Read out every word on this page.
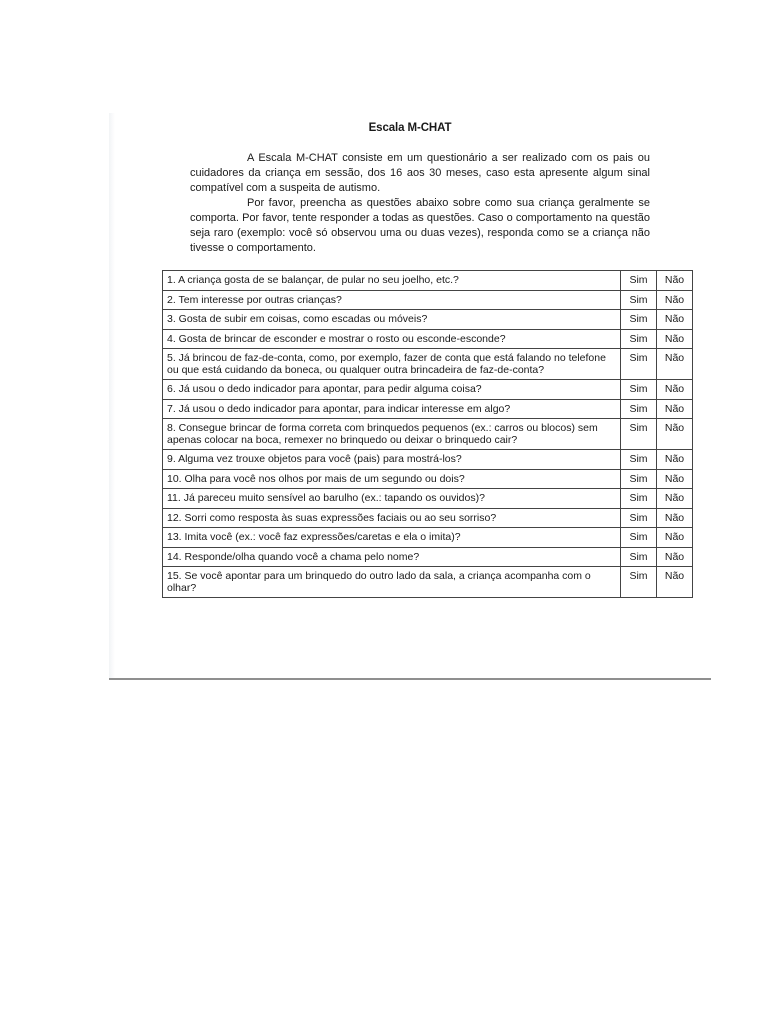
Escala M-CHAT

A Escala M-CHAT consiste em um questionário a ser realizado com os pais ou cuidadores da criança em sessão, dos 16 aos 30 meses, caso esta apresente algum sinal compatível com a suspeita de autismo.

Por favor, preencha as questões abaixo sobre como sua criança geralmente se comporta. Por favor, tente responder a todas as questões. Caso o comportamento na questão seja raro (exemplo: você só observou uma ou duas vezes), responda como se a criança não tivesse o comportamento.

1. A criança gosta de se balançar, de pular no seu joelho, etc.?	Sim	Não
2. Tem interesse por outras crianças?	Sim	Não
3. Gosta de subir em coisas, como escadas ou móveis?	Sim	Não
4. Gosta de brincar de esconder e mostrar o rosto ou esconde-esconde?	Sim	Não
5. Já brincou de faz-de-conta, como, por exemplo, fazer de conta que está falando no telefone ou que está cuidando da boneca, ou qualquer outra brincadeira de faz-de-conta?	Sim	Não
6. Já usou o dedo indicador para apontar, para pedir alguma coisa?	Sim	Não
7. Já usou o dedo indicador para apontar, para indicar interesse em algo?	Sim	Não
8. Consegue brincar de forma correta com brinquedos pequenos (ex.: carros ou blocos) sem apenas colocar na boca, remexer no brinquedo ou deixar o brinquedo cair?	Sim	Não
9. Alguma vez trouxe objetos para você (pais) para mostrá-los?	Sim	Não
10. Olha para você nos olhos por mais de um segundo ou dois?	Sim	Não
11. Já pareceu muito sensível ao barulho (ex.: tapando os ouvidos)?	Sim	Não
12. Sorri como resposta às suas expressões faciais ou ao seu sorriso?	Sim	Não
13. Imita você (ex.: você faz expressões/caretas e ela o imita)?	Sim	Não
14. Responde/olha quando você a chama pelo nome?	Sim	Não
15. Se você apontar para um brinquedo do outro lado da sala, a criança acompanha com o olhar?	Sim	Não
